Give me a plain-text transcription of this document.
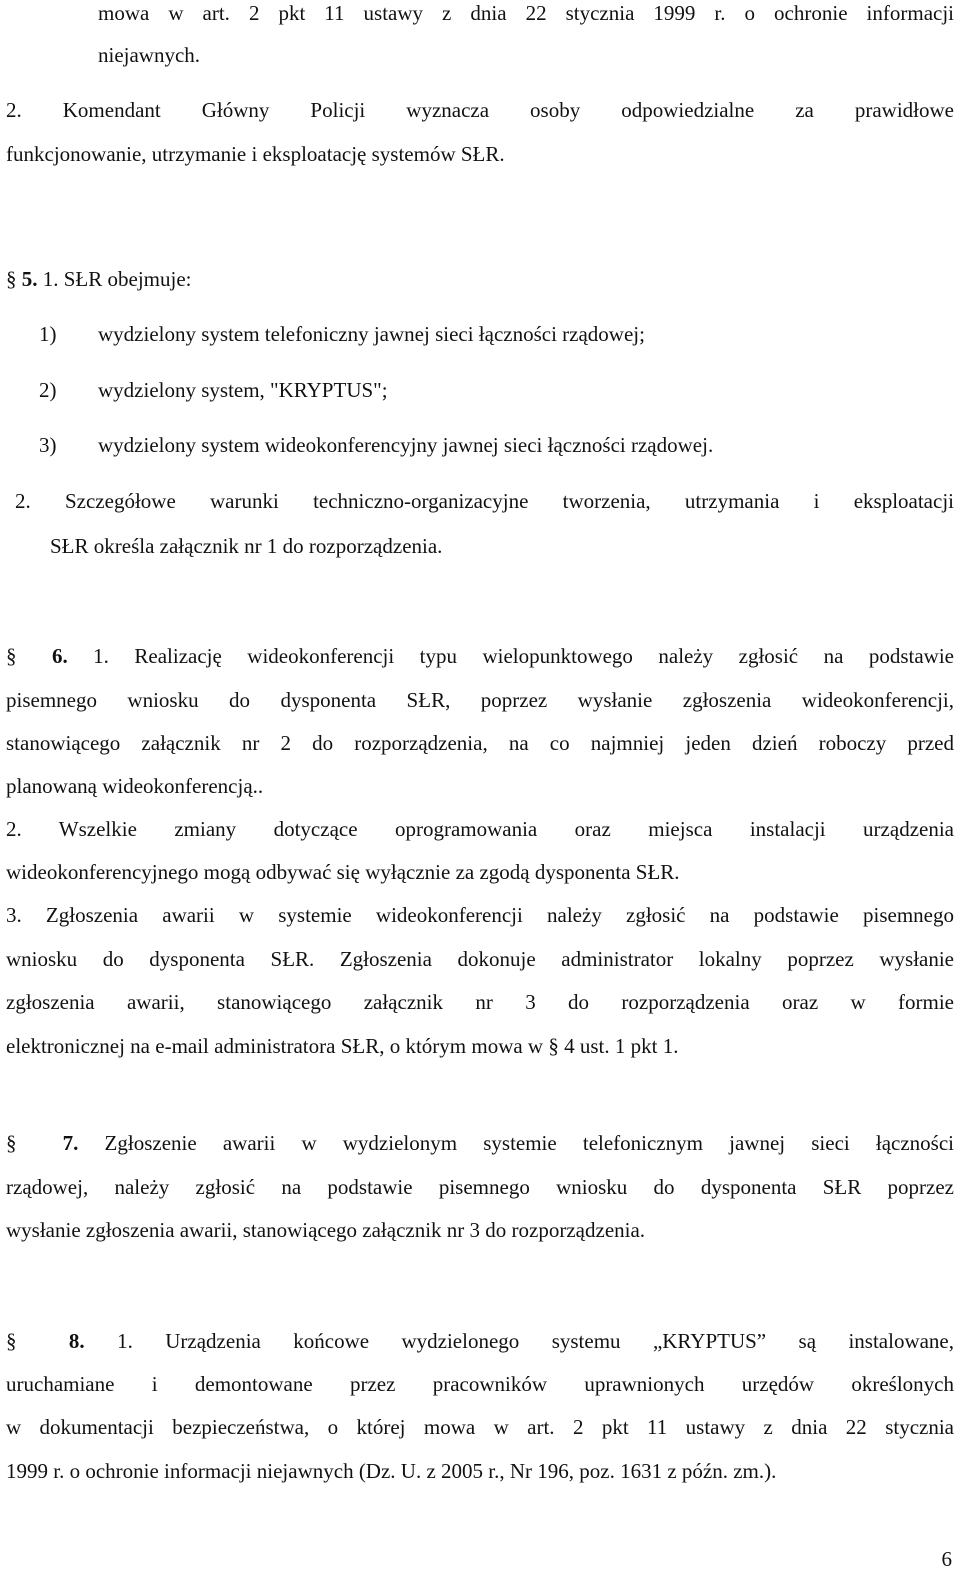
mowa w art. 2 pkt 11 ustawy z dnia 22 stycznia 1999 r. o ochronie informacji
niejawnych.
2. Komendant Główny Policji wyznacza osoby odpowiedzialne za prawidłowe
funkcjonowanie, utrzymanie i eksploatację systemów SŁR.
§ 5. 1. SŁR obejmuje:
1) wydzielony system telefoniczny jawnej sieci łączności rządowej;
2) wydzielony system, "KRYPTUS";
3) wydzielony system wideokonferencyjny jawnej sieci łączności rządowej.
2. Szczegółowe warunki techniczno-organizacyjne tworzenia, utrzymania i eksploatacji
SŁR określa załącznik nr 1 do rozporządzenia.
§ 6. 1. Realizację wideokonferencji typu wielopunktowego należy zgłosić na podstawie
pisemnego wniosku do dysponenta SŁR, poprzez wysłanie zgłoszenia wideokonferencji,
stanowiącego załącznik nr 2 do rozporządzenia, na co najmniej jeden dzień roboczy przed
planowaną wideokonferencją..
2. Wszelkie zmiany dotyczące oprogramowania oraz miejsca instalacji urządzenia
wideokonferencyjnego mogą odbywać się wyłącznie za zgodą dysponenta SŁR.
3. Zgłoszenia awarii w systemie wideokonferencji należy zgłosić na podstawie pisemnego
wniosku do dysponenta SŁR. Zgłoszenia dokonuje administrator lokalny poprzez wysłanie
zgłoszenia awarii, stanowiącego załącznik nr 3 do rozporządzenia oraz w formie
elektronicznej na e-mail administratora SŁR, o którym mowa w § 4 ust. 1 pkt 1.
§ 7. Zgłoszenie awarii w wydzielonym systemie telefonicznym jawnej sieci łączności
rządowej, należy zgłosić na podstawie pisemnego wniosku do dysponenta SŁR poprzez
wysłanie zgłoszenia awarii, stanowiącego załącznik nr 3 do rozporządzenia.
§ 8. 1. Urządzenia końcowe wydzielonego systemu „KRYPTUS” są instalowane,
uruchamiane i demontowane przez pracowników uprawnionych urzędów określonych
w dokumentacji bezpieczeństwa, o której mowa w art. 2 pkt 11 ustawy z dnia 22 stycznia
1999 r. o ochronie informacji niejawnych (Dz. U. z 2005 r., Nr 196, poz. 1631 z późn. zm.).
6
